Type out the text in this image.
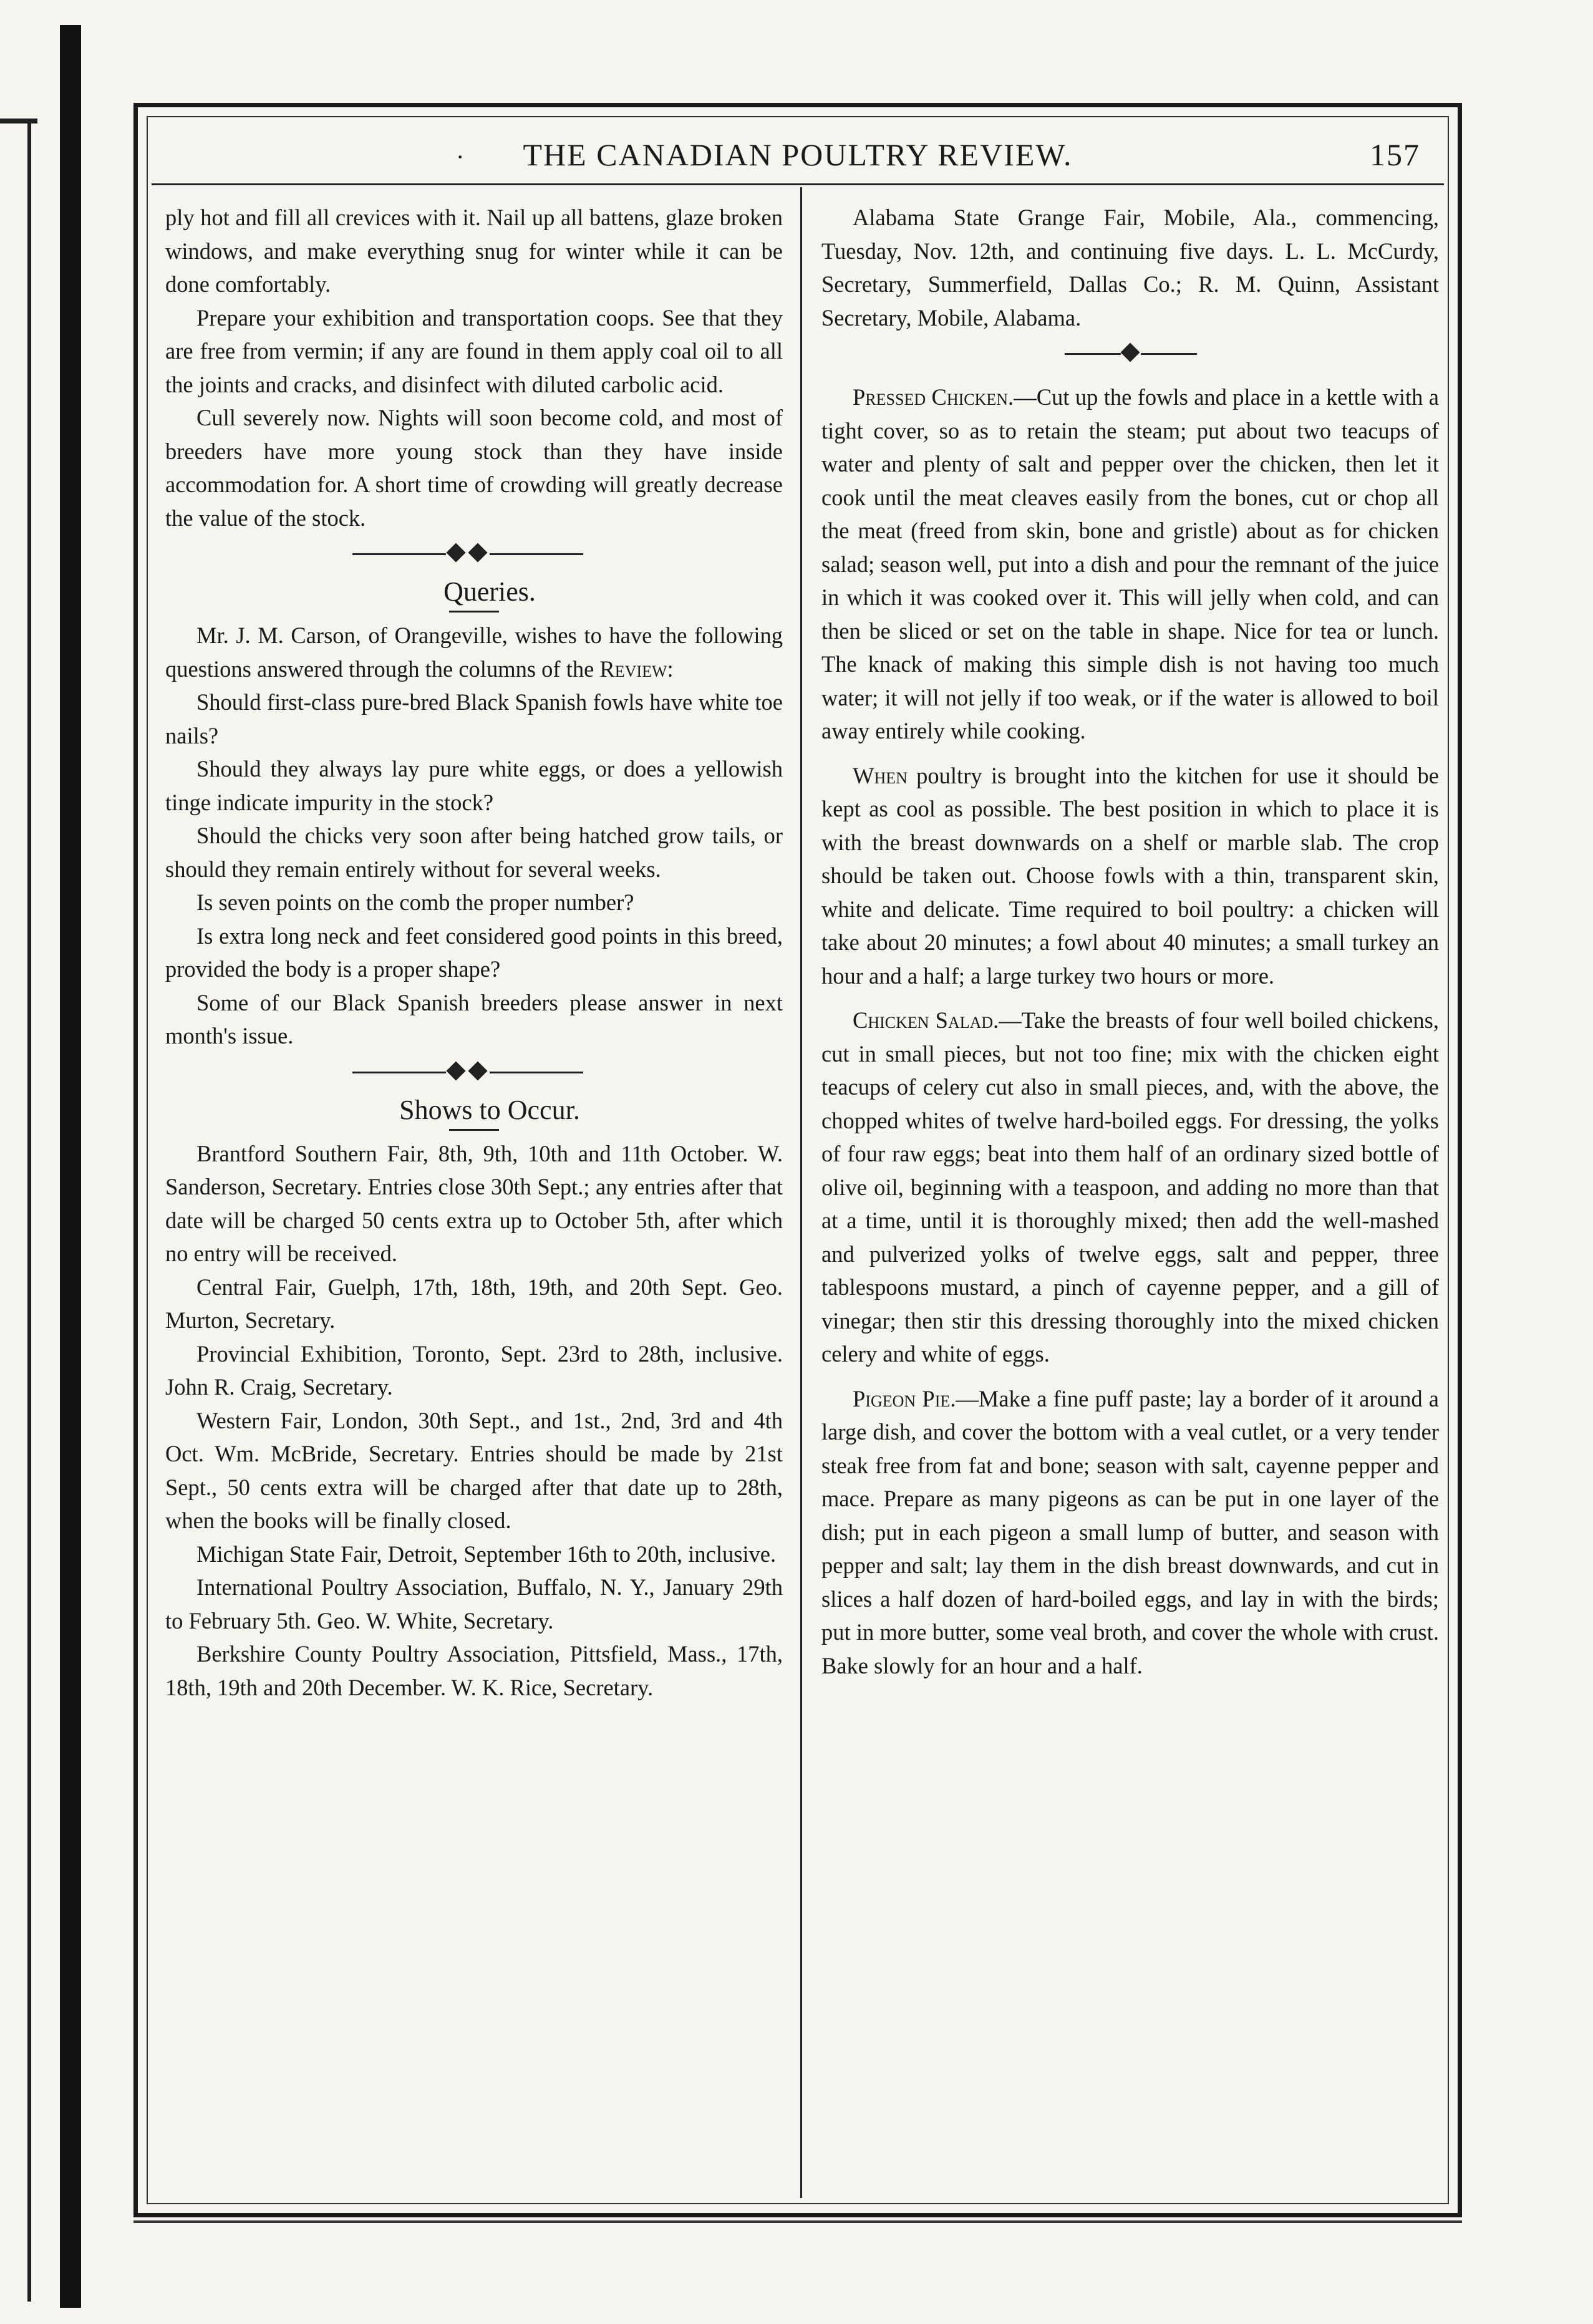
· THE CANADIAN POULTRY REVIEW.	157

ply hot and fill all crevices with it. Nail up all battens, glaze broken windows, and make everything snug for winter while it can be done comfortably.

Prepare your exhibition and transportation coops. See that they are free from vermin; if any are found in them apply coal oil to all the joints and cracks, and disinfect with diluted carbolic acid.

Cull severely now. Nights will soon become cold, and most of breeders have more young stock than they have inside accommodation for. A short time of crowding will greatly decrease the value of the stock.

Queries.

Mr. J. M. Carson, of Orangeville, wishes to have the following questions answered through the columns of the Review:

Should first-class pure-bred Black Spanish fowls have white toe nails?

Should they always lay pure white eggs, or does a yellowish tinge indicate impurity in the stock?

Should the chicks very soon after being hatched grow tails, or should they remain entirely without for several weeks.

Is seven points on the comb the proper number?

Is extra long neck and feet considered good points in this breed, provided the body is a proper shape?

Some of our Black Spanish breeders please answer in next month's issue.

Shows to Occur.

Brantford Southern Fair, 8th, 9th, 10th and 11th October. W. Sanderson, Secretary. Entries close 30th Sept.; any entries after that date will be charged 50 cents extra up to October 5th, after which no entry will be received.

Central Fair, Guelph, 17th, 18th, 19th, and 20th Sept. Geo. Murton, Secretary.

Provincial Exhibition, Toronto, Sept. 23rd to 28th, inclusive. John R. Craig, Secretary.

Western Fair, London, 30th Sept., and 1st., 2nd, 3rd and 4th Oct. Wm. McBride, Secretary. Entries should be made by 21st Sept., 50 cents extra will be charged after that date up to 28th, when the books will be finally closed.

Michigan State Fair, Detroit, September 16th to 20th, inclusive.

International Poultry Association, Buffalo, N. Y., January 29th to February 5th. Geo. W. White, Secretary.

Berkshire County Poultry Association, Pittsfield, Mass., 17th, 18th, 19th and 20th December. W. K. Rice, Secretary.

Alabama State Grange Fair, Mobile, Ala., commencing, Tuesday, Nov. 12th, and continuing five days. L. L. McCurdy, Secretary, Summerfield, Dallas Co.; R. M. Quinn, Assistant Secretary, Mobile, Alabama.

Pressed Chicken.—Cut up the fowls and place in a kettle with a tight cover, so as to retain the steam; put about two teacups of water and plenty of salt and pepper over the chicken, then let it cook until the meat cleaves easily from the bones, cut or chop all the meat (freed from skin, bone and gristle) about as for chicken salad; season well, put into a dish and pour the remnant of the juice in which it was cooked over it. This will jelly when cold, and can then be sliced or set on the table in shape. Nice for tea or lunch. The knack of making this simple dish is not having too much water; it will not jelly if too weak, or if the water is allowed to boil away entirely while cooking.

When poultry is brought into the kitchen for use it should be kept as cool as possible. The best position in which to place it is with the breast downwards on a shelf or marble slab. The crop should be taken out. Choose fowls with a thin, transparent skin, white and delicate. Time required to boil poultry: a chicken will take about 20 minutes; a fowl about 40 minutes; a small turkey an hour and a half; a large turkey two hours or more.

Chicken Salad.—Take the breasts of four well boiled chickens, cut in small pieces, but not too fine; mix with the chicken eight teacups of celery cut also in small pieces, and, with the above, the chopped whites of twelve hard-boiled eggs. For dressing, the yolks of four raw eggs; beat into them half of an ordinary sized bottle of olive oil, beginning with a teaspoon, and adding no more than that at a time, until it is thoroughly mixed; then add the well-mashed and pulverized yolks of twelve eggs, salt and pepper, three tablespoons mustard, a pinch of cayenne pepper, and a gill of vinegar; then stir this dressing thoroughly into the mixed chicken celery and white of eggs.

Pigeon Pie.—Make a fine puff paste; lay a border of it around a large dish, and cover the bottom with a veal cutlet, or a very tender steak free from fat and bone; season with salt, cayenne pepper and mace. Prepare as many pigeons as can be put in one layer of the dish; put in each pigeon a small lump of butter, and season with pepper and salt; lay them in the dish breast downwards, and cut in slices a half dozen of hard-boiled eggs, and lay in with the birds; put in more butter, some veal broth, and cover the whole with crust. Bake slowly for an hour and a half.
